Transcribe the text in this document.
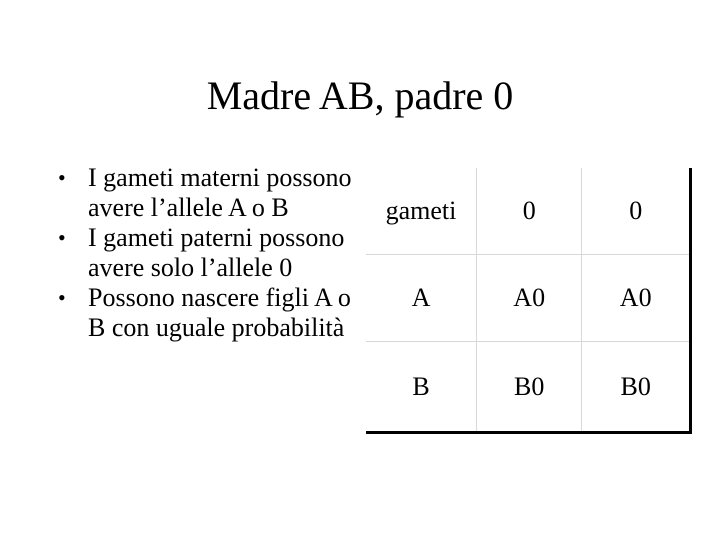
Madre AB, padre 0
• I gameti materni possono avere l’allele A o B
• I gameti paterni possono avere solo l’allele 0
• Possono nascere figli A o B con uguale probabilità
gameti	0	0
A	A0	A0
B	B0	B0
